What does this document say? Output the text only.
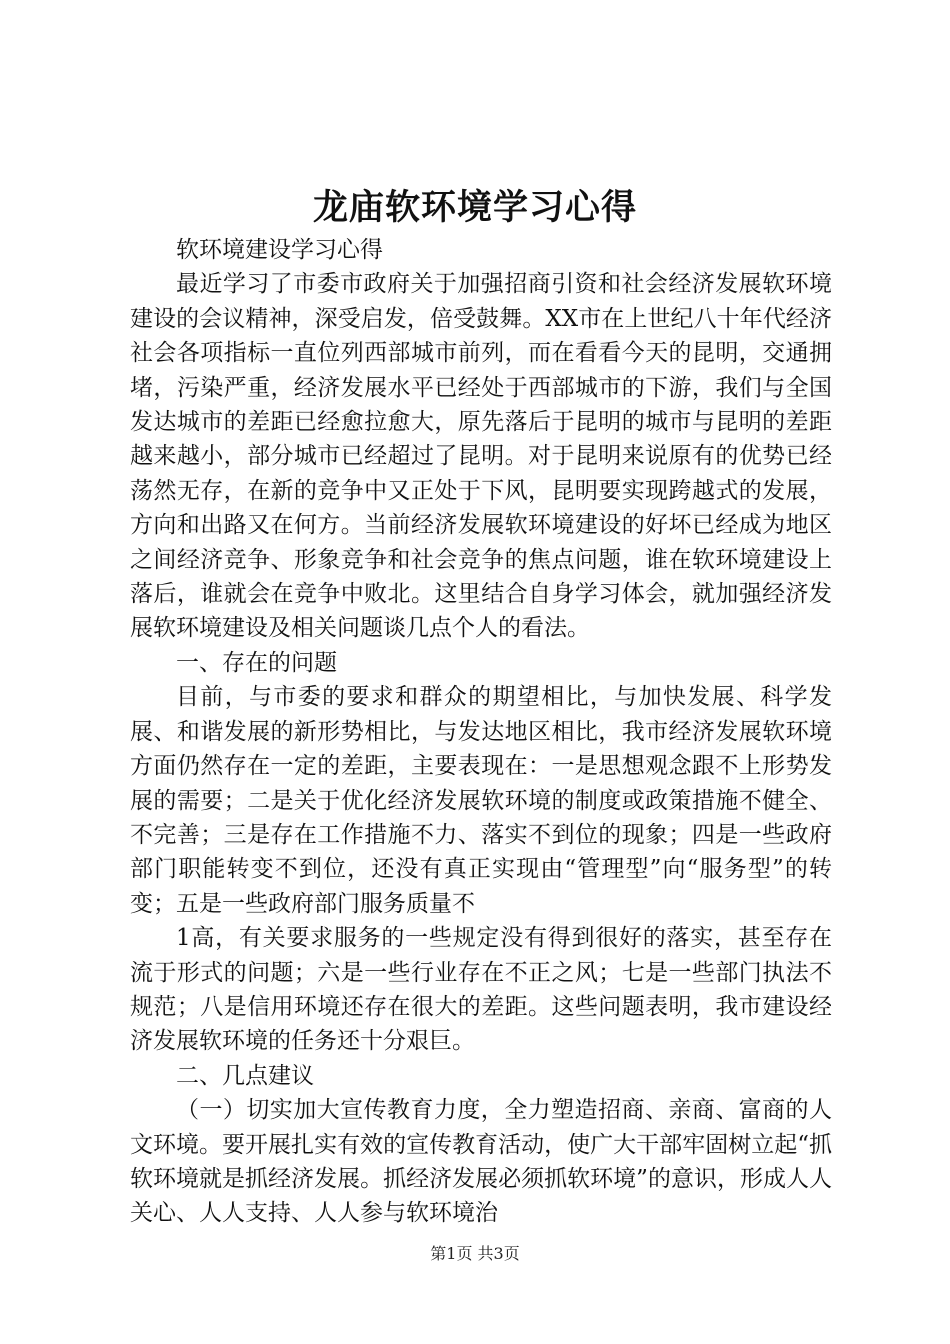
龙庙软环境学习心得

软环境建设学习心得

最近学习了市委市政府关于加强招商引资和社会经济发展软环境建设的会议精神，深受启发，倍受鼓舞。XX市在上世纪八十年代经济社会各项指标一直位列西部城市前列，而在看看今天的昆明，交通拥堵，污染严重，经济发展水平已经处于西部城市的下游，我们与全国发达城市的差距已经愈拉愈大，原先落后于昆明的城市与昆明的差距越来越小，部分城市已经超过了昆明。对于昆明来说原有的优势已经荡然无存，在新的竞争中又正处于下风，昆明要实现跨越式的发展，方向和出路又在何方。当前经济发展软环境建设的好坏已经成为地区之间经济竞争、形象竞争和社会竞争的焦点问题，谁在软环境建设上落后，谁就会在竞争中败北。这里结合自身学习体会，就加强经济发展软环境建设及相关问题谈几点个人的看法。

一、存在的问题

目前，与市委的要求和群众的期望相比，与加快发展、科学发展、和谐发展的新形势相比，与发达地区相比，我市经济发展软环境方面仍然存在一定的差距，主要表现在：一是思想观念跟不上形势发展的需要；二是关于优化经济发展软环境的制度或政策措施不健全、不完善；三是存在工作措施不力、落实不到位的现象；四是一些政府部门职能转变不到位，还没有真正实现由“管理型”向“服务型”的转变；五是一些政府部门服务质量不

1高，有关要求服务的一些规定没有得到很好的落实，甚至存在流于形式的问题；六是一些行业存在不正之风；七是一些部门执法不规范；八是信用环境还存在很大的差距。这些问题表明，我市建设经济发展软环境的任务还十分艰巨。

二、几点建议

（一）切实加大宣传教育力度，全力塑造招商、亲商、富商的人文环境。要开展扎实有效的宣传教育活动，使广大干部牢固树立起“抓软环境就是抓经济发展。抓经济发展必须抓软环境”的意识，形成人人关心、人人支持、人人参与软环境治

第1页 共3页
